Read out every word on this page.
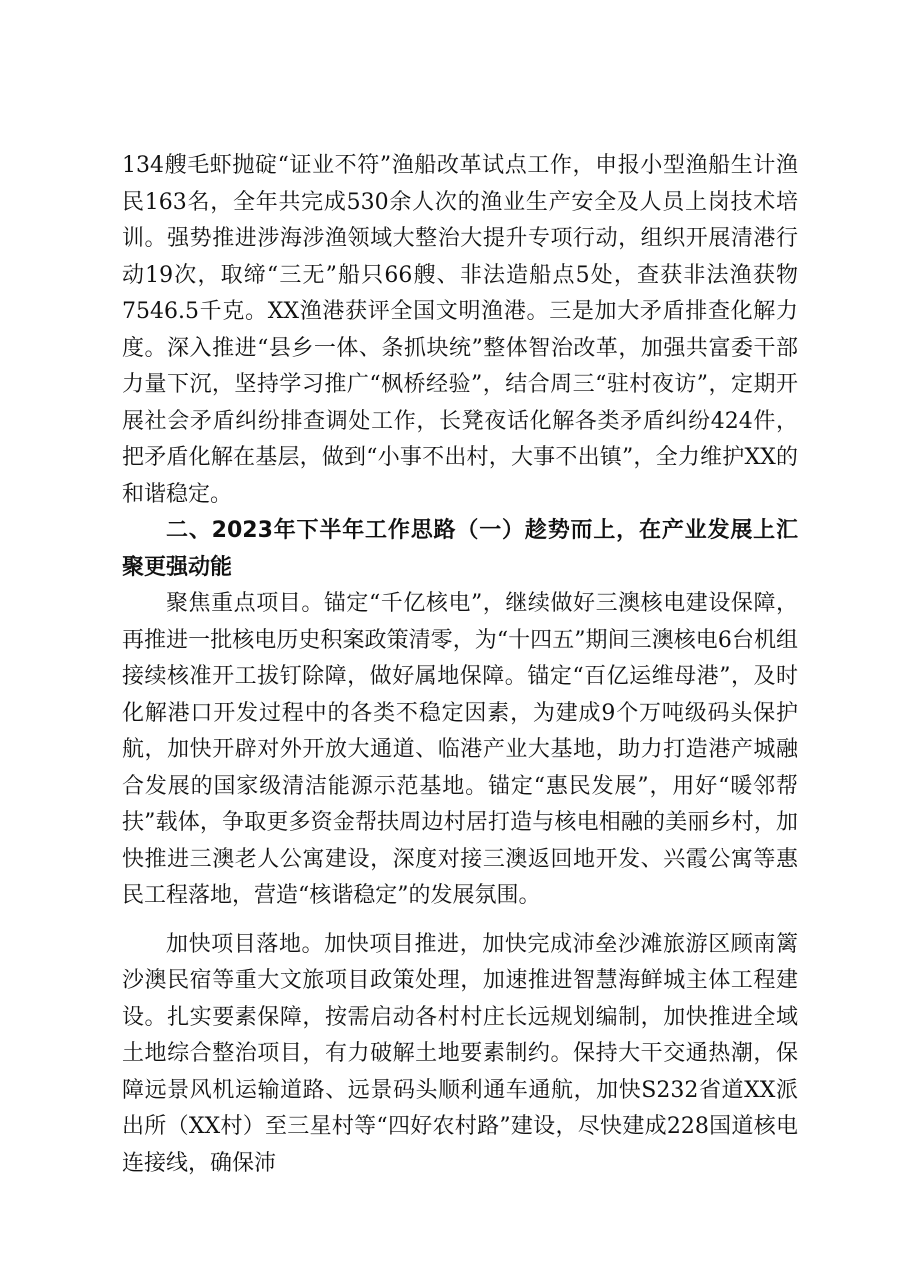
134艘毛虾抛碇“证业不符”渔船改革试点工作，申报小型渔船生计渔民163名，全年共完成530余人次的渔业生产安全及人员上岗技术培训。强势推进涉海涉渔领域大整治大提升专项行动，组织开展清港行动19次，取缔“三无”船只66艘、非法造船点5处，查获非法渔获物7546.5千克。XX渔港获评全国文明渔港。三是加大矛盾排查化解力度。深入推进“县乡一体、条抓块统”整体智治改革，加强共富委干部力量下沉，坚持学习推广“枫桥经验”，结合周三“驻村夜访”，定期开展社会矛盾纠纷排查调处工作，长凳夜话化解各类矛盾纠纷424件，把矛盾化解在基层，做到“小事不出村，大事不出镇”，全力维护XX的和谐稳定。

二、2023年下半年工作思路（一）趁势而上，在产业发展上汇聚更强动能

聚焦重点项目。锚定“千亿核电”，继续做好三澳核电建设保障，再推进一批核电历史积案政策清零，为“十四五”期间三澳核电6台机组接续核准开工拔钉除障，做好属地保障。锚定“百亿运维母港”，及时化解港口开发过程中的各类不稳定因素，为建成9个万吨级码头保护航，加快开辟对外开放大通道、临港产业大基地，助力打造港产城融合发展的国家级清洁能源示范基地。锚定“惠民发展”，用好“暖邻帮扶”载体，争取更多资金帮扶周边村居打造与核电相融的美丽乡村，加快推进三澳老人公寓建设，深度对接三澳返回地开发、兴霞公寓等惠民工程落地，营造“核谐稳定”的发展氛围。

加快项目落地。加快项目推进，加快完成沛垒沙滩旅游区顾南篱沙澳民宿等重大文旅项目政策处理，加速推进智慧海鲜城主体工程建设。扎实要素保障，按需启动各村村庄长远规划编制，加快推进全域土地综合整治项目，有力破解土地要素制约。保持大干交通热潮，保障远景风机运输道路、远景码头顺利通车通航，加快S232省道XX派出所（XX村）至三星村等“四好农村路”建设，尽快建成228国道核电连接线，确保沛
